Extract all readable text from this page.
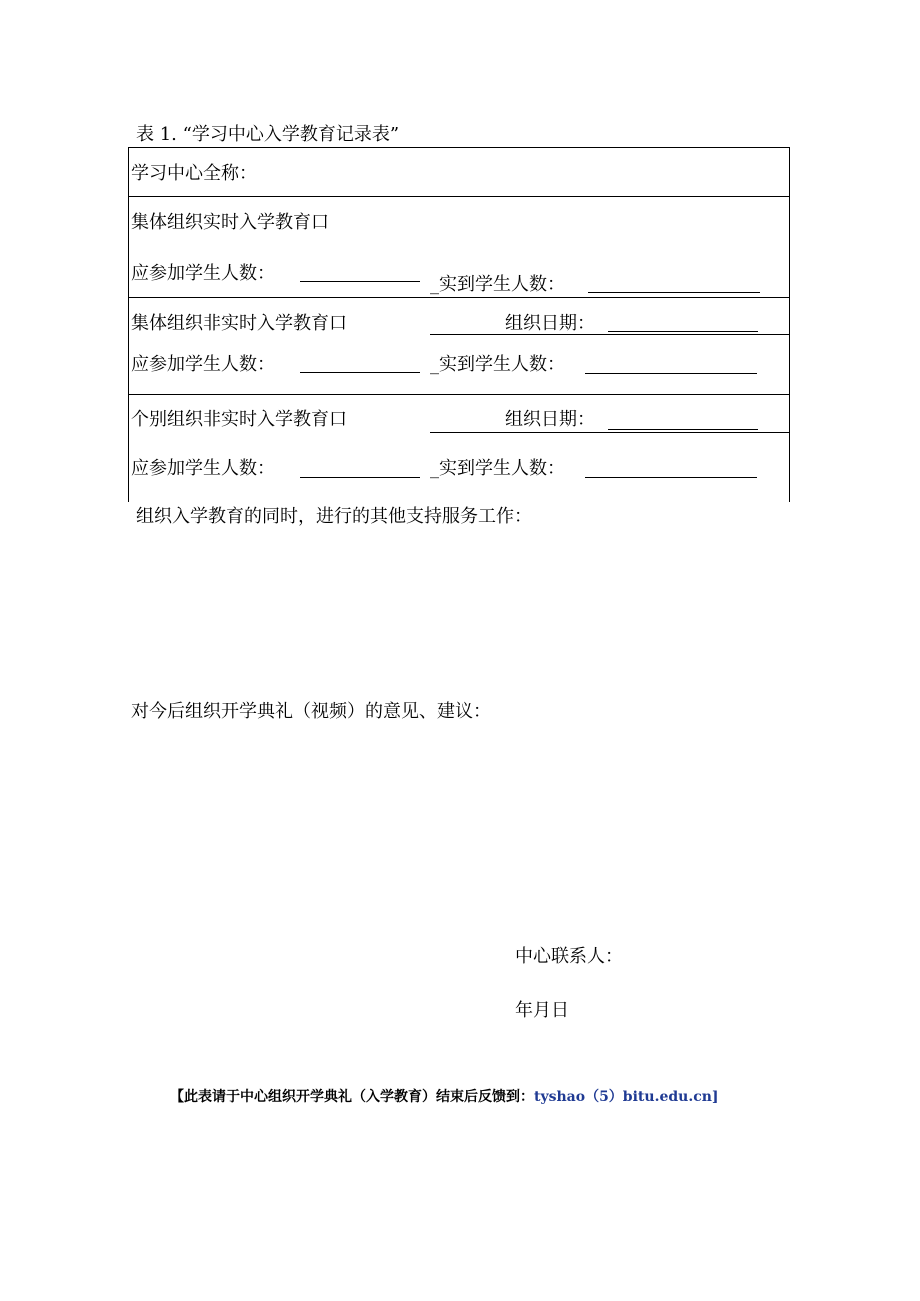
表 1. “学习中心入学教育记录表”
学习中心全称：
集体组织实时入学教育口
应参加学生人数：
_实到学生人数：
集体组织非实时入学教育口	组织日期：
应参加学生人数：	_实到学生人数：
个别组织非实时入学教育口	组织日期：
应参加学生人数：	_实到学生人数：
组织入学教育的同时，进行的其他支持服务工作：
对今后组织开学典礼（视频）的意见、建议：
中心联系人：
年月日
【此表请于中心组织开学典礼（入学教育）结束后反馈到：tyshao（5）bitu.edu.cn]
